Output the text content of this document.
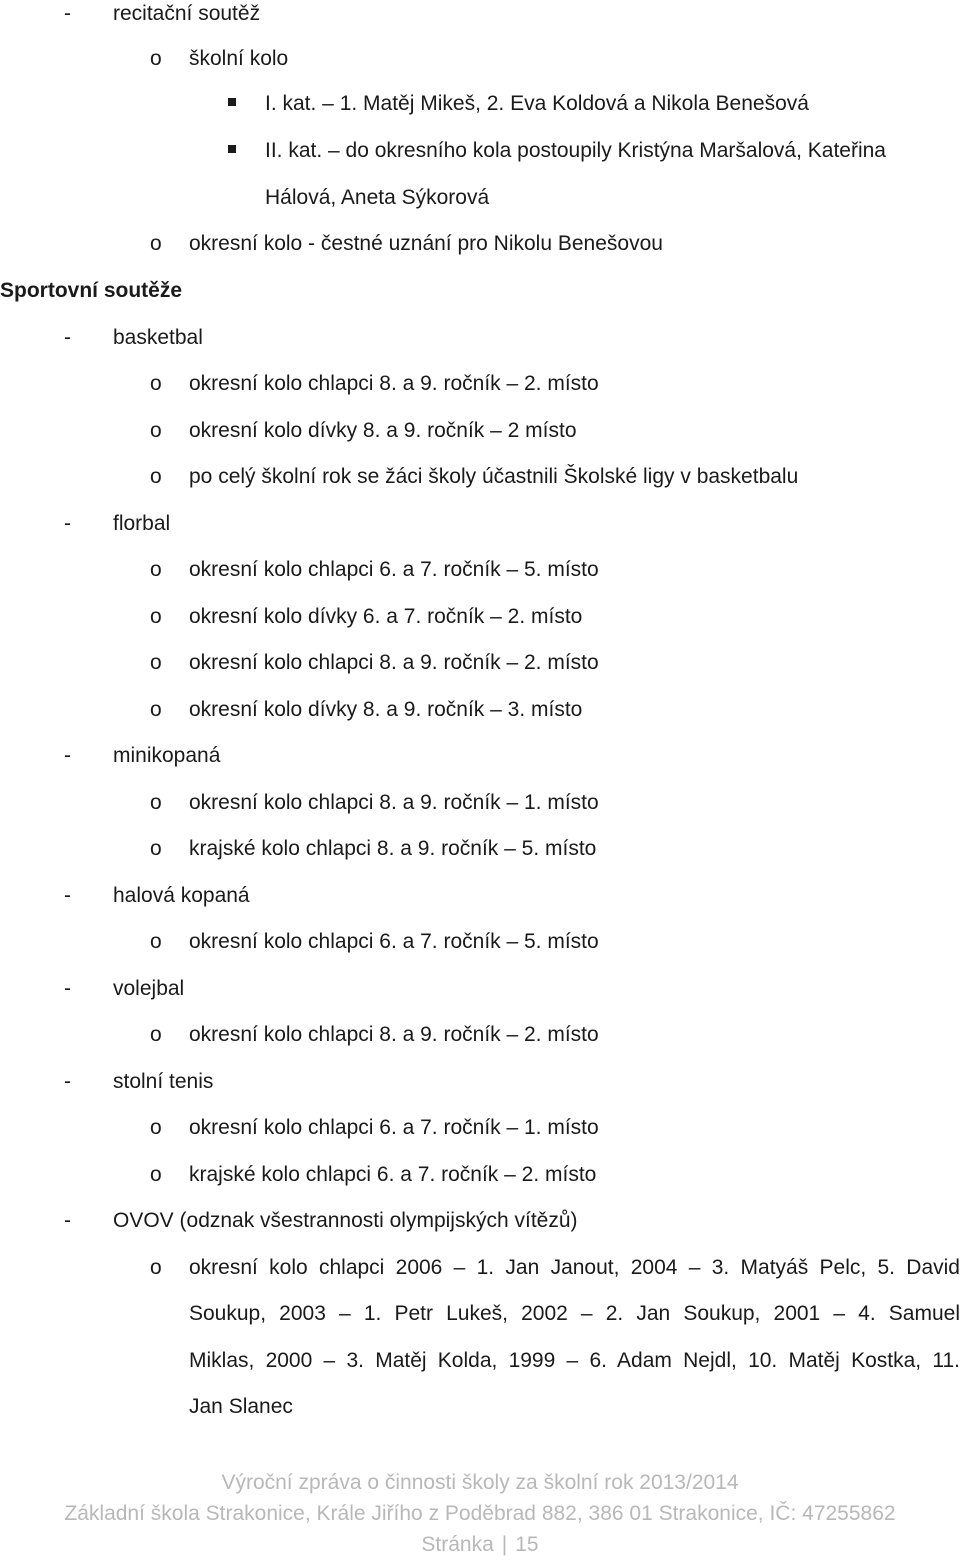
- recitační soutěž
o školní kolo
I. kat. – 1. Matěj Mikeš, 2. Eva Koldová a Nikola Benešová
II. kat. – do okresního kola postoupily Kristýna Maršalová, Kateřina
Hálová, Aneta Sýkorová
o okresní kolo - čestné uznání pro Nikolu Benešovou
Sportovní soutěže
- basketbal
o okresní kolo chlapci 8. a 9. ročník – 2. místo
o okresní kolo dívky 8. a 9. ročník – 2 místo
o po celý školní rok se žáci školy účastnili Školské ligy v basketbalu
- florbal
o okresní kolo chlapci 6. a 7. ročník – 5. místo
o okresní kolo dívky 6. a 7. ročník – 2. místo
o okresní kolo chlapci 8. a 9. ročník – 2. místo
o okresní kolo dívky 8. a 9. ročník – 3. místo
- minikopaná
o okresní kolo chlapci 8. a 9. ročník – 1. místo
o krajské kolo chlapci 8. a 9. ročník – 5. místo
- halová kopaná
o okresní kolo chlapci 6. a 7. ročník – 5. místo
- volejbal
o okresní kolo chlapci 8. a 9. ročník – 2. místo
- stolní tenis
o okresní kolo chlapci 6. a 7. ročník – 1. místo
o krajské kolo chlapci 6. a 7. ročník – 2. místo
- OVOV (odznak všestrannosti olympijských vítězů)
o okresní kolo chlapci 2006 – 1. Jan Janout, 2004 – 3. Matyáš Pelc, 5. David
Soukup, 2003 – 1. Petr Lukeš, 2002 – 2. Jan Soukup, 2001 – 4. Samuel
Miklas, 2000 – 3. Matěj Kolda, 1999 – 6. Adam Nejdl, 10. Matěj Kostka, 11.
Jan Slanec
Výroční zpráva o činnosti školy za školní rok 2013/2014
Základní škola Strakonice, Krále Jiřího z Poděbrad 882, 386 01 Strakonice, IČ: 47255862
Stránka | 15
